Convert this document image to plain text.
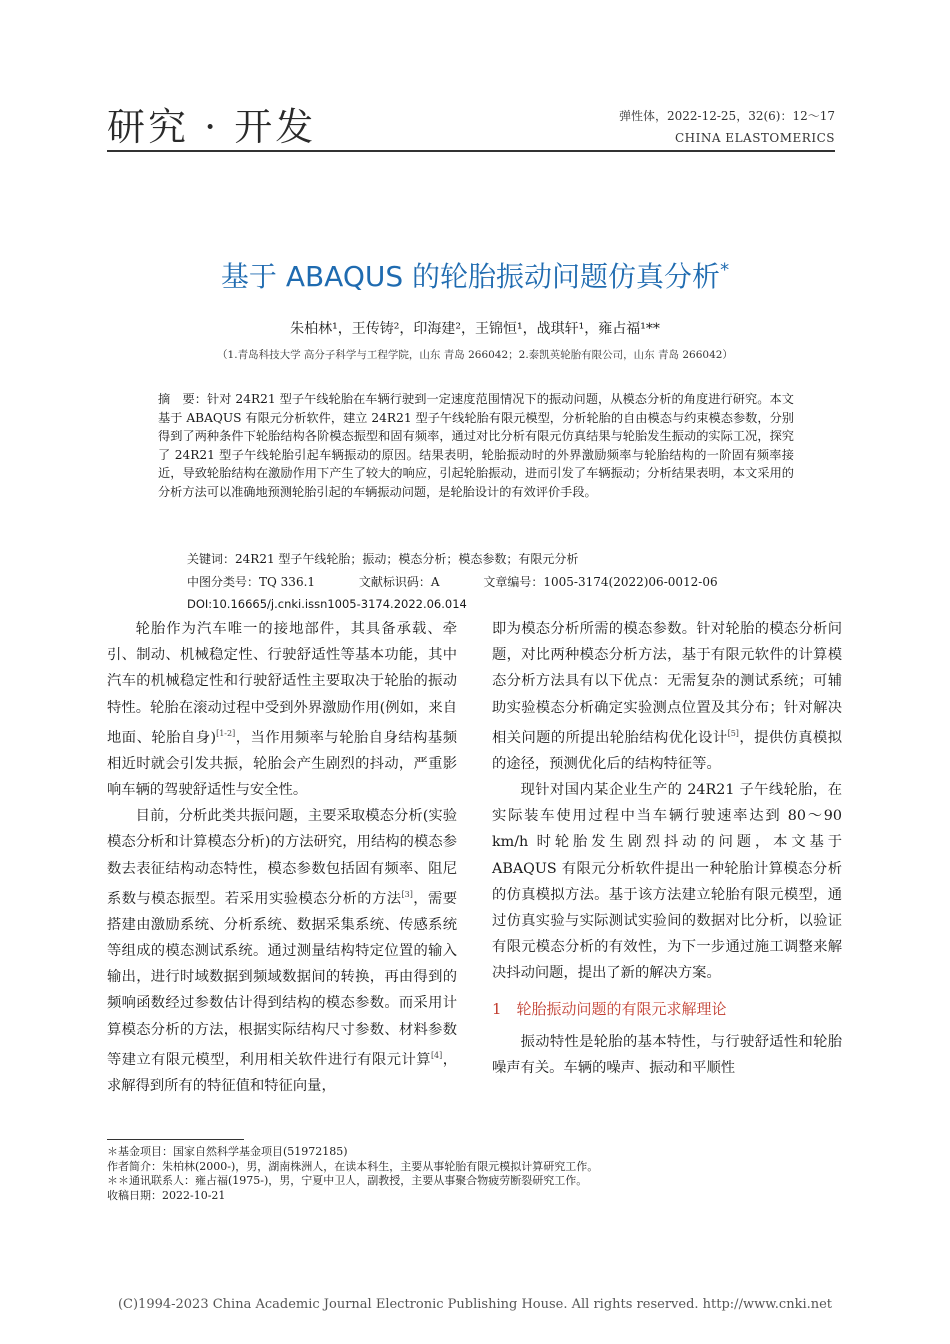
研究 · 开发	弹性体，2022-12-25，32(6)：12～17
CHINA ELASTOMERICS
基于 ABAQUS 的轮胎振动问题仿真分析*
朱柏林¹，王传铸²，印海建²，王锦恒¹，战琪轩¹，雍占福¹**
（1.青岛科技大学 高分子科学与工程学院，山东 青岛 266042；2.泰凯英轮胎有限公司，山东 青岛 266042）
摘　要：针对 24R21 型子午线轮胎在车辆行驶到一定速度范围情况下的振动问题，从模态分析的角度进行研究。本文基于 ABAQUS 有限元分析软件，建立 24R21 型子午线轮胎有限元模型，分析轮胎的自由模态与约束模态参数，分别得到了两种条件下轮胎结构各阶模态振型和固有频率，通过对比分析有限元仿真结果与轮胎发生振动的实际工况，探究了 24R21 型子午线轮胎引起车辆振动的原因。结果表明，轮胎振动时的外界激励频率与轮胎结构的一阶固有频率接近，导致轮胎结构在激励作用下产生了较大的响应，引起轮胎振动，进而引发了车辆振动；分析结果表明，本文采用的分析方法可以准确地预测轮胎引起的车辆振动问题，是轮胎设计的有效评价手段。
关键词：24R21 型子午线轮胎；振动；模态分析；模态参数；有限元分析
中图分类号：TQ 336.1	文献标识码：A	文章编号：1005-3174(2022)06-0012-06
DOI:10.16665/j.cnki.issn1005-3174.2022.06.014

轮胎作为汽车唯一的接地部件，其具备承载、牵引、制动、机械稳定性、行驶舒适性等基本功能，其中汽车的机械稳定性和行驶舒适性主要取决于轮胎的振动特性。轮胎在滚动过程中受到外界激励作用(例如，来自地面、轮胎自身)[1-2]，当作用频率与轮胎自身结构基频相近时就会引发共振，轮胎会产生剧烈的抖动，严重影响车辆的驾驶舒适性与安全性。

目前，分析此类共振问题，主要采取模态分析(实验模态分析和计算模态分析)的方法研究，用结构的模态参数去表征结构动态特性，模态参数包括固有频率、阻尼系数与模态振型。若采用实验模态分析的方法[3]，需要搭建由激励系统、分析系统、数据采集系统、传感系统等组成的模态测试系统。通过测量结构特定位置的输入输出，进行时域数据到频域数据间的转换，再由得到的频响函数经过参数估计得到结构的模态参数。而采用计算模态分析的方法，根据实际结构尺寸参数、材料参数等建立有限元模型，利用相关软件进行有限元计算[4]，求解得到所有的特征值和特征向量，

即为模态分析所需的模态参数。针对轮胎的模态分析问题，对比两种模态分析方法，基于有限元软件的计算模态分析方法具有以下优点：无需复杂的测试系统；可辅助实验模态分析确定实验测点位置及其分布；针对解决相关问题的所提出轮胎结构优化设计[5]，提供仿真模拟的途径，预测优化后的结构特征等。

现针对国内某企业生产的 24R21 子午线轮胎，在实际装车使用过程中当车辆行驶速率达到 80～90 km/h 时轮胎发生剧烈抖动的问题，本文基于 ABAQUS 有限元分析软件提出一种轮胎计算模态分析的仿真模拟方法。基于该方法建立轮胎有限元模型，通过仿真实验与实际测试实验间的数据对比分析，以验证有限元模态分析的有效性，为下一步通过施工调整来解决抖动问题，提出了新的解决方案。

1　轮胎振动问题的有限元求解理论

振动特性是轮胎的基本特性，与行驶舒适性和轮胎噪声有关。车辆的噪声、振动和平顺性

＊基金项目：国家自然科学基金项目(51972185)
作者简介：朱柏林(2000-)，男，湖南株洲人，在读本科生，主要从事轮胎有限元模拟计算研究工作。
＊＊通讯联系人：雍占福(1975-)，男，宁夏中卫人，副教授，主要从事聚合物疲劳断裂研究工作。
收稿日期：2022-10-21
(C)1994-2023 China Academic Journal Electronic Publishing House. All rights reserved. http://www.cnki.net
